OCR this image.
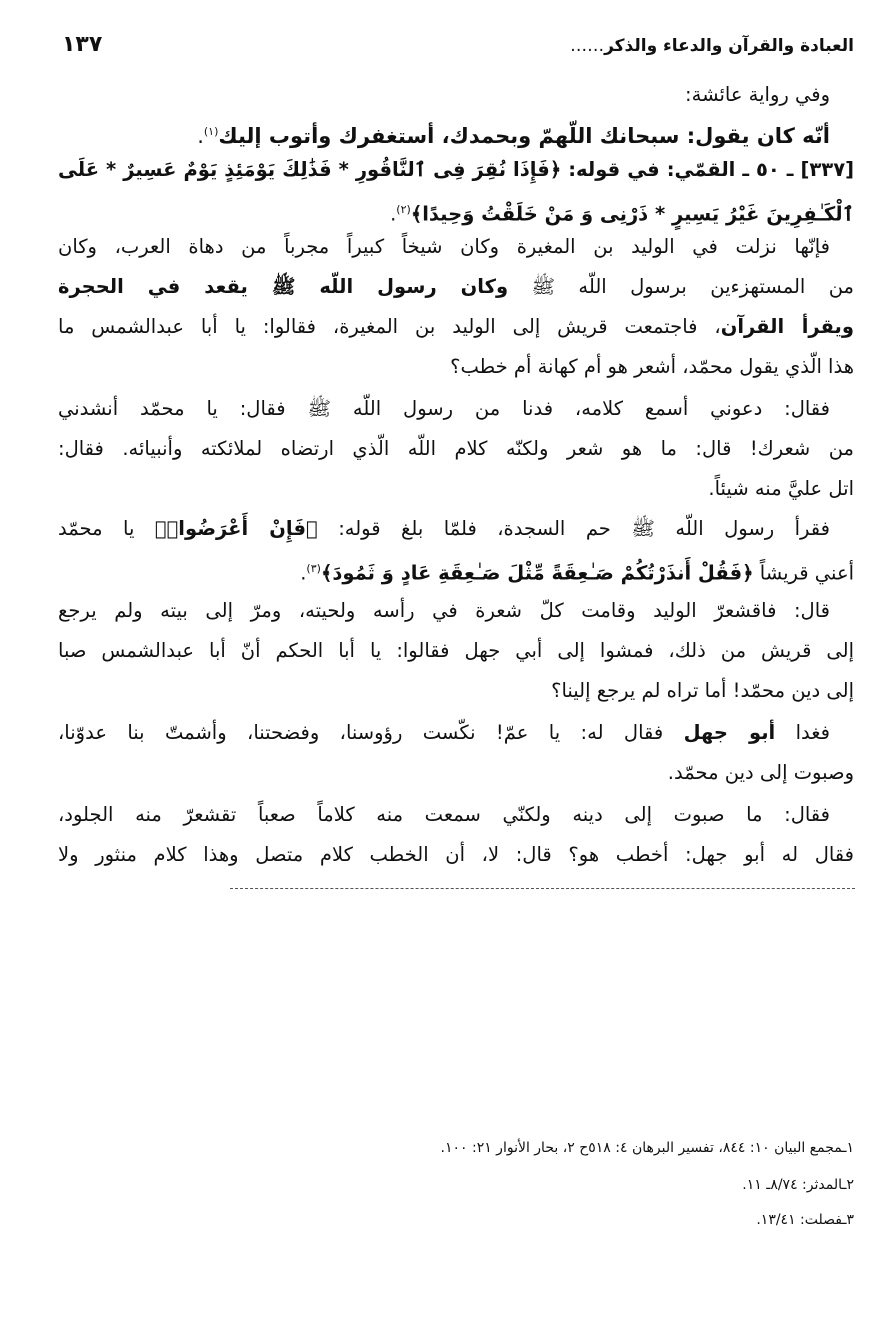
العبادة والقرآن والدعاء والذكر……
١٣٧
وفي رواية عائشة:
أنّه كان يقول: سبحانك اللّهمّ وبحمدك، أستغفرك وأتوب إليك$^{(١)}$.
[٣٣٧] ـ ٥٠ ـ القمّي: في قوله: ﴿فَإِذَا نُقِرَ فِى ٱلنَّاقُورِ * فَذَٰلِكَ يَوْمَئِذٍ يَوْمٌ عَسِيرٌ * عَلَى
ٱلْكَـٰفِرِينَ غَيْرُ يَسِيرٍ * ذَرْنِى وَ مَنْ خَلَقْتُ وَحِيدًا﴾$^{(٢)}$.
فإنّها نزلت في الوليد بن المغيرة وكان شيخاً كبيراً مجرباً من دهاة العرب، وكان
من المستهزءين برسول اللّه ﷺ وكان رسول اللّه ﷺ يقعد في الحجرة
ويقرأ القرآن، فاجتمعت قريش إلى الوليد بن المغيرة، فقالوا: يا أبا عبدالشمس ما
هذا الّذي يقول محمّد، أشعر هو أم كهانة أم خطب؟
فقال: دعوني أسمع كلامه، فدنا من رسول اللّه ﷺ فقال: يا محمّد أنشدني
من شعرك! قال: ما هو شعر ولكنّه كلام اللّه الّذي ارتضاه لملائكته وأنبيائه. فقال:
اتل عليَّ منه شيئاً.
فقرأ رسول اللّه ﷺ حم السجدة، فلمّا بلغ قوله: ﴿فَإِنْ أَعْرَضُوا۟﴾ يا محمّد
أعني قريشاً ﴿فَقُلْ أَنذَرْتُكُمْ صَـٰعِقَةً مِّثْلَ صَـٰعِقَةِ عَادٍ وَ ثَمُودَ﴾$^{(٣)}$.
قال: فاقشعرّ الوليد وقامت كلّ شعرة في رأسه ولحيته، ومرّ إلى بيته ولم يرجع
إلى قريش من ذلك، فمشوا إلى أبي جهل فقالوا: يا أبا الحكم أنّ أبا عبدالشمس صبا
إلى دين محمّد! أما تراه لم يرجع إلينا؟
فغدا أبو جهل فقال له: يا عمّ! نكّست رؤوسنا، وفضحتنا، وأشمتّ بنا عدوّنا،
وصبوت إلى دين محمّد.
فقال: ما صبوت إلى دينه ولكنّي سمعت منه كلاماً صعباً تقشعرّ منه الجلود،
فقال له أبو جهل: أخطب هو؟ قال: لا، أن الخطب كلام متصل وهذا كلام منثور ولا
١ـمجمع البيان ١٠: ٨٤٤، تفسير البرهان ٤: ٥١٨ح ٢، بحار الأنوار ٢١: ١٠٠.
٢ـالمدثر: ٨/٧٤ـ ١١.
٣ـفصلت: ١٣/٤١.
